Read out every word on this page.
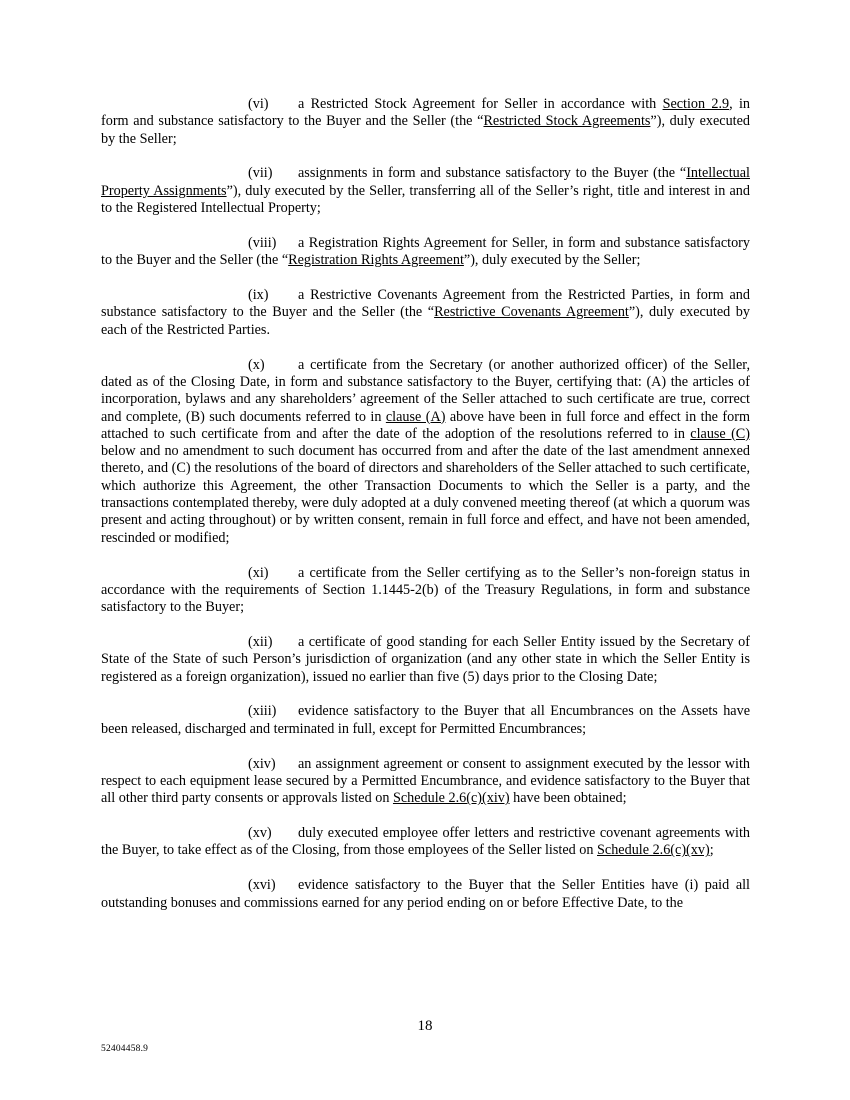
(vi) a Restricted Stock Agreement for Seller in accordance with Section 2.9, in form and substance satisfactory to the Buyer and the Seller (the “Restricted Stock Agreements”), duly executed by the Seller;

(vii) assignments in form and substance satisfactory to the Buyer (the “Intellectual Property Assignments”), duly executed by the Seller, transferring all of the Seller’s right, title and interest in and to the Registered Intellectual Property;

(viii) a Registration Rights Agreement for Seller, in form and substance satisfactory to the Buyer and the Seller (the “Registration Rights Agreement”), duly executed by the Seller;

(ix) a Restrictive Covenants Agreement from the Restricted Parties, in form and substance satisfactory to the Buyer and the Seller (the “Restrictive Covenants Agreement”), duly executed by each of the Restricted Parties.

(x) a certificate from the Secretary (or another authorized officer) of the Seller, dated as of the Closing Date, in form and substance satisfactory to the Buyer, certifying that: (A) the articles of incorporation, bylaws and any shareholders’ agreement of the Seller attached to such certificate are true, correct and complete, (B) such documents referred to in clause (A) above have been in full force and effect in the form attached to such certificate from and after the date of the adoption of the resolutions referred to in clause (C) below and no amendment to such document has occurred from and after the date of the last amendment annexed thereto, and (C) the resolutions of the board of directors and shareholders of the Seller attached to such certificate, which authorize this Agreement, the other Transaction Documents to which the Seller is a party, and the transactions contemplated thereby, were duly adopted at a duly convened meeting thereof (at which a quorum was present and acting throughout) or by written consent, remain in full force and effect, and have not been amended, rescinded or modified;

(xi) a certificate from the Seller certifying as to the Seller’s non-foreign status in accordance with the requirements of Section 1.1445-2(b) of the Treasury Regulations, in form and substance satisfactory to the Buyer;

(xii) a certificate of good standing for each Seller Entity issued by the Secretary of State of the State of such Person’s jurisdiction of organization (and any other state in which the Seller Entity is registered as a foreign organization), issued no earlier than five (5) days prior to the Closing Date;

(xiii) evidence satisfactory to the Buyer that all Encumbrances on the Assets have been released, discharged and terminated in full, except for Permitted Encumbrances;

(xiv) an assignment agreement or consent to assignment executed by the lessor with respect to each equipment lease secured by a Permitted Encumbrance, and evidence satisfactory to the Buyer that all other third party consents or approvals listed on Schedule 2.6(c)(xiv) have been obtained;

(xv) duly executed employee offer letters and restrictive covenant agreements with the Buyer, to take effect as of the Closing, from those employees of the Seller listed on Schedule 2.6(c)(xv);

(xvi) evidence satisfactory to the Buyer that the Seller Entities have (i) paid all outstanding bonuses and commissions earned for any period ending on or before Effective Date, to the

18
52404458.9
